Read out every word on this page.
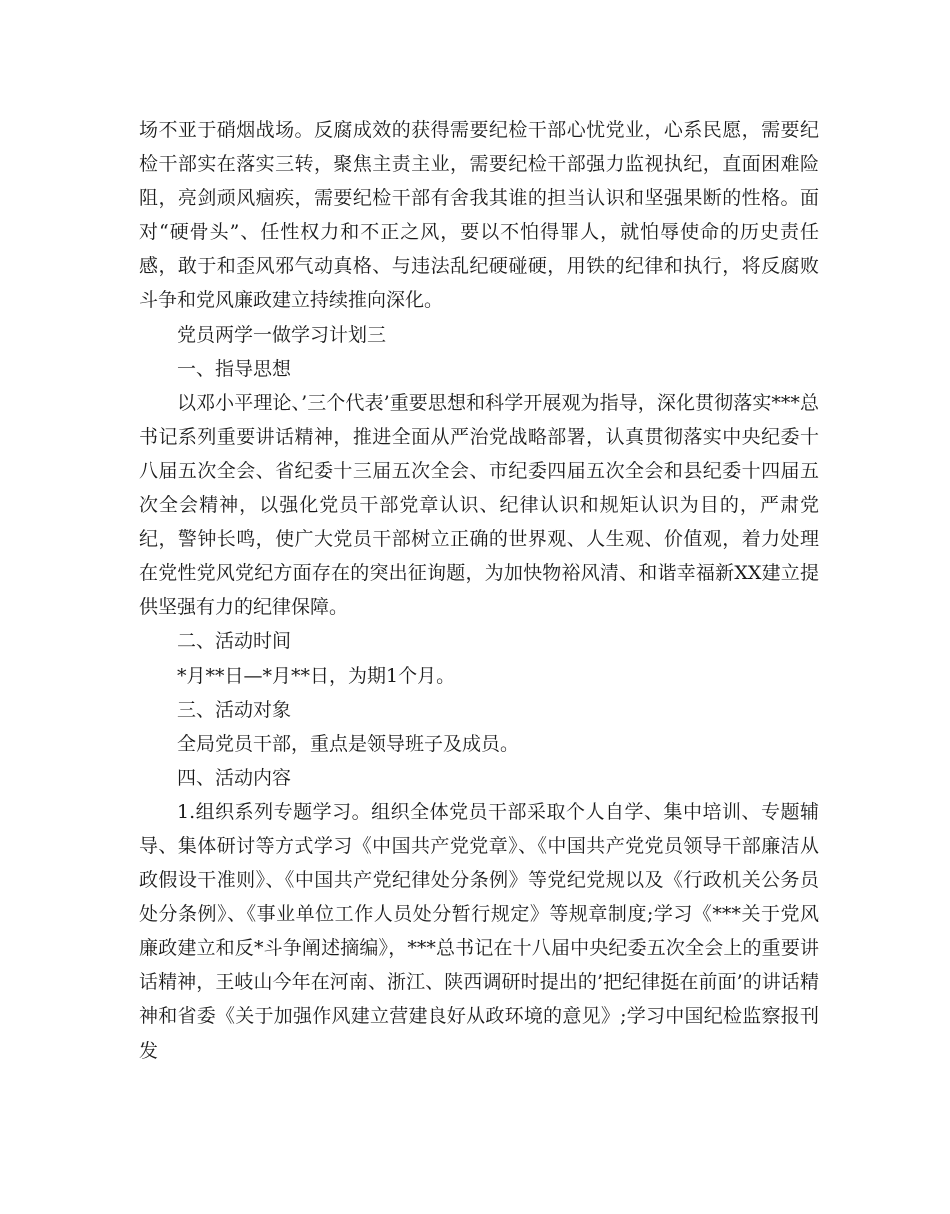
场不亚于硝烟战场。反腐成效的获得需要纪检干部心忧党业，心系民愿，需要纪检干部实在落实三转，聚焦主责主业，需要纪检干部强力监视执纪，直面困难险阻，亮剑顽风痼疾，需要纪检干部有舍我其谁的担当认识和坚强果断的性格。面对“硬骨头”、任性权力和不正之风，要以不怕得罪人，就怕辱使命的历史责任感，敢于和歪风邪气动真格、与违法乱纪硬碰硬，用铁的纪律和执行，将反腐败斗争和党风廉政建立持续推向深化。

党员两学一做学习计划三

一、指导思想

以邓小平理论、’三个代表’重要思想和科学开展观为指导，深化贯彻落实***总书记系列重要讲话精神，推进全面从严治党战略部署，认真贯彻落实中央纪委十八届五次全会、省纪委十三届五次全会、市纪委四届五次全会和县纪委十四届五次全会精神，以强化党员干部党章认识、纪律认识和规矩认识为目的，严肃党纪，警钟长鸣，使广大党员干部树立正确的世界观、人生观、价值观，着力处理在党性党风党纪方面存在的突出征询题，为加快物裕风清、和谐幸福新XX建立提供坚强有力的纪律保障。

二、活动时间

*月**日—*月**日，为期1个月。

三、活动对象

全局党员干部，重点是领导班子及成员。

四、活动内容

1.组织系列专题学习。组织全体党员干部采取个人自学、集中培训、专题辅导、集体研讨等方式学习《中国共产党党章》、《中国共产党党员领导干部廉洁从政假设干准则》、《中国共产党纪律处分条例》等党纪党规以及《行政机关公务员处分条例》、《事业单位工作人员处分暂行规定》等规章制度;学习《***关于党风廉政建立和反*斗争阐述摘编》，***总书记在十八届中央纪委五次全会上的重要讲话精神，王岐山今年在河南、浙江、陕西调研时提出的’把纪律挺在前面’的讲话精神和省委《关于加强作风建立营建良好从政环境的意见》;学习中国纪检监察报刊发
